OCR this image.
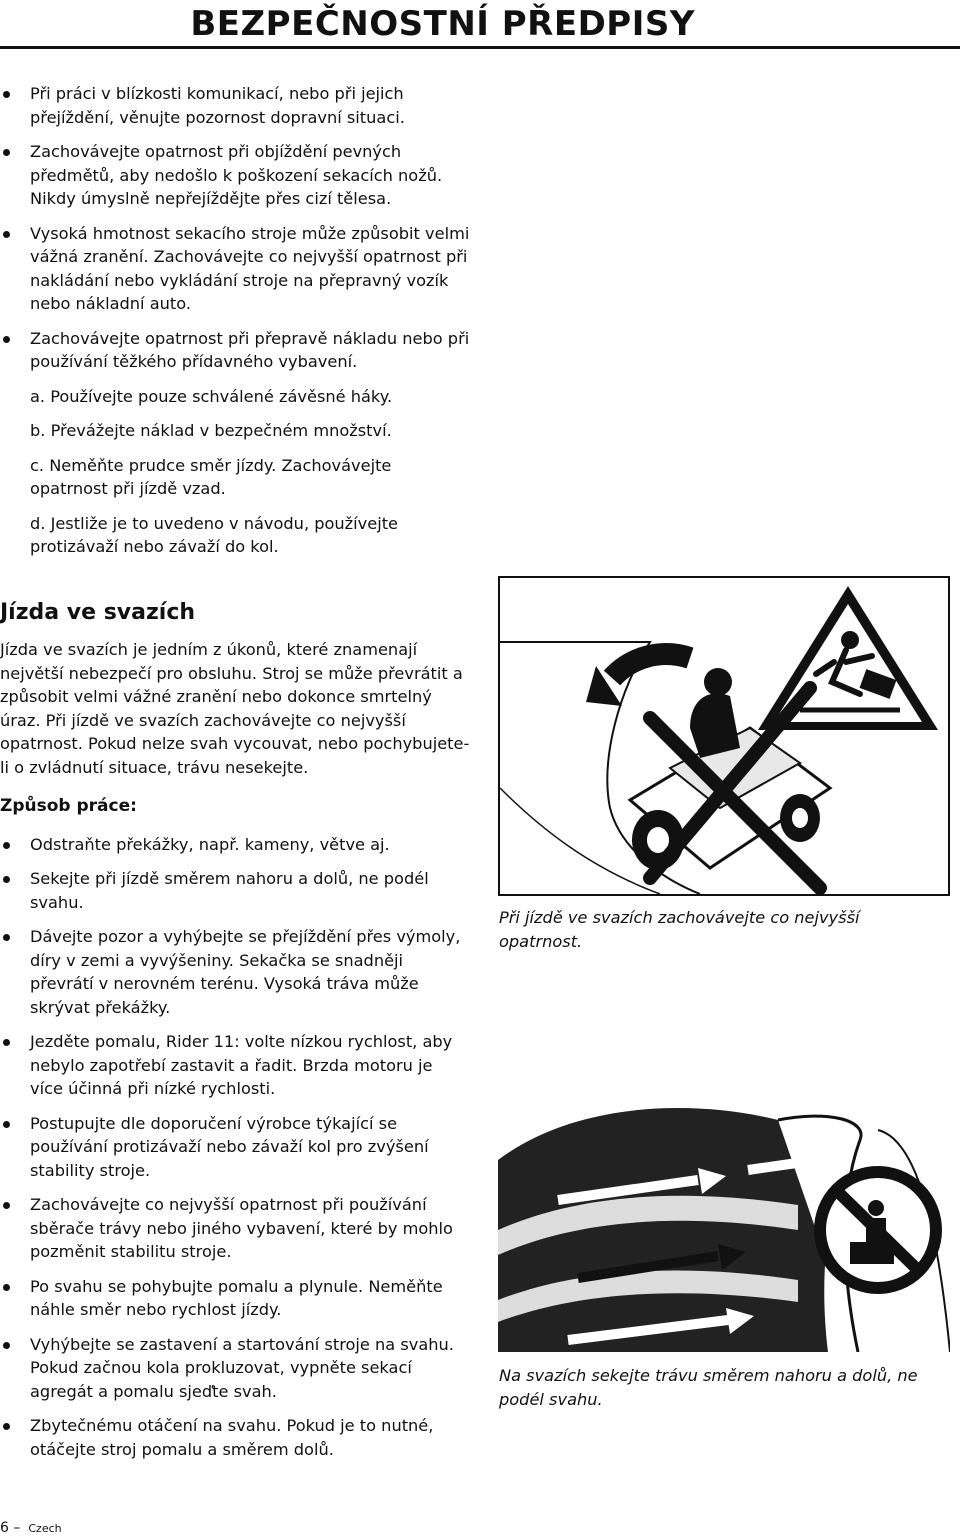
BEZPEČNOSTNÍ PŘEDPISY
Při práci v blízkosti komunikací, nebo při jejich přejíždění, věnujte pozornost dopravní situaci.
Zachovávejte opatrnost při objíždění pevných předmětů, aby nedošlo k poškození sekacích nožů. Nikdy úmyslně nepřejíždějte přes cizí tělesa.
Vysoká hmotnost sekacího stroje může způsobit velmi vážná zranění. Zachovávejte co nejvyšší opatrnost při nakládání nebo vykládání stroje na přepravný vozík nebo nákladní auto.
Zachovávejte opatrnost při přepravě nákladu nebo při používání těžkého přídavného vybavení.
a. Používejte pouze schválené závěsné háky.
b. Převážejte náklad v bezpečném množství.
c. Neměňte prudce směr jízdy. Zachovávejte opatrnost při jízdě vzad.
d. Jestliže je to uvedeno v návodu, používejte protizávaží nebo závaží do kol.
Jízda ve svazích

Jízda ve svazích je jedním z úkonů, které znamenají největší nebezpečí pro obsluhu. Stroj se může převrátit a způsobit velmi vážné zranění nebo dokonce smrtelný úraz. Při jízdě ve svazích zachovávejte co nejvyšší opatrnost. Pokud nelze svah vycouvat, nebo pochybujete-li o zvládnutí situace, trávu nesekejte.

Způsob práce:
Odstraňte překážky, např. kameny, větve aj.
Sekejte při jízdě směrem nahoru a dolů, ne podél svahu.
Dávejte pozor a vyhýbejte se přejíždění přes výmoly, díry v zemi a vyvýšeniny. Sekačka se snadněji převrátí v nerovném terénu. Vysoká tráva může skrývat překážky.
Jezděte pomalu, Rider 11: volte nízkou rychlost, aby nebylo zapotřebí zastavit a řadit. Brzda motoru je více účinná při nízké rychlosti.
Postupujte dle doporučení výrobce týkající se používání protizávaží nebo závaží kol pro zvýšení stability stroje.
Zachovávejte co nejvyšší opatrnost při používání sběrače trávy nebo jiného vybavení, které by mohlo pozměnit stabilitu stroje.
Po svahu se pohybujte pomalu a plynule. Neměňte náhle směr nebo rychlost jízdy.
Vyhýbejte se zastavení a startování stroje na svahu. Pokud začnou kola prokluzovat, vypněte sekací agregát a pomalu sjeďte svah.
Zbytečnému otáčení na svahu. Pokud je to nutné, otáčejte stroj pomalu a směrem dolů.
Při jízdě ve svazích zachovávejte co nejvyšší opatrnost.
Na svazích sekejte trávu směrem nahoru a dolů, ne podél svahu.
6 – Czech
